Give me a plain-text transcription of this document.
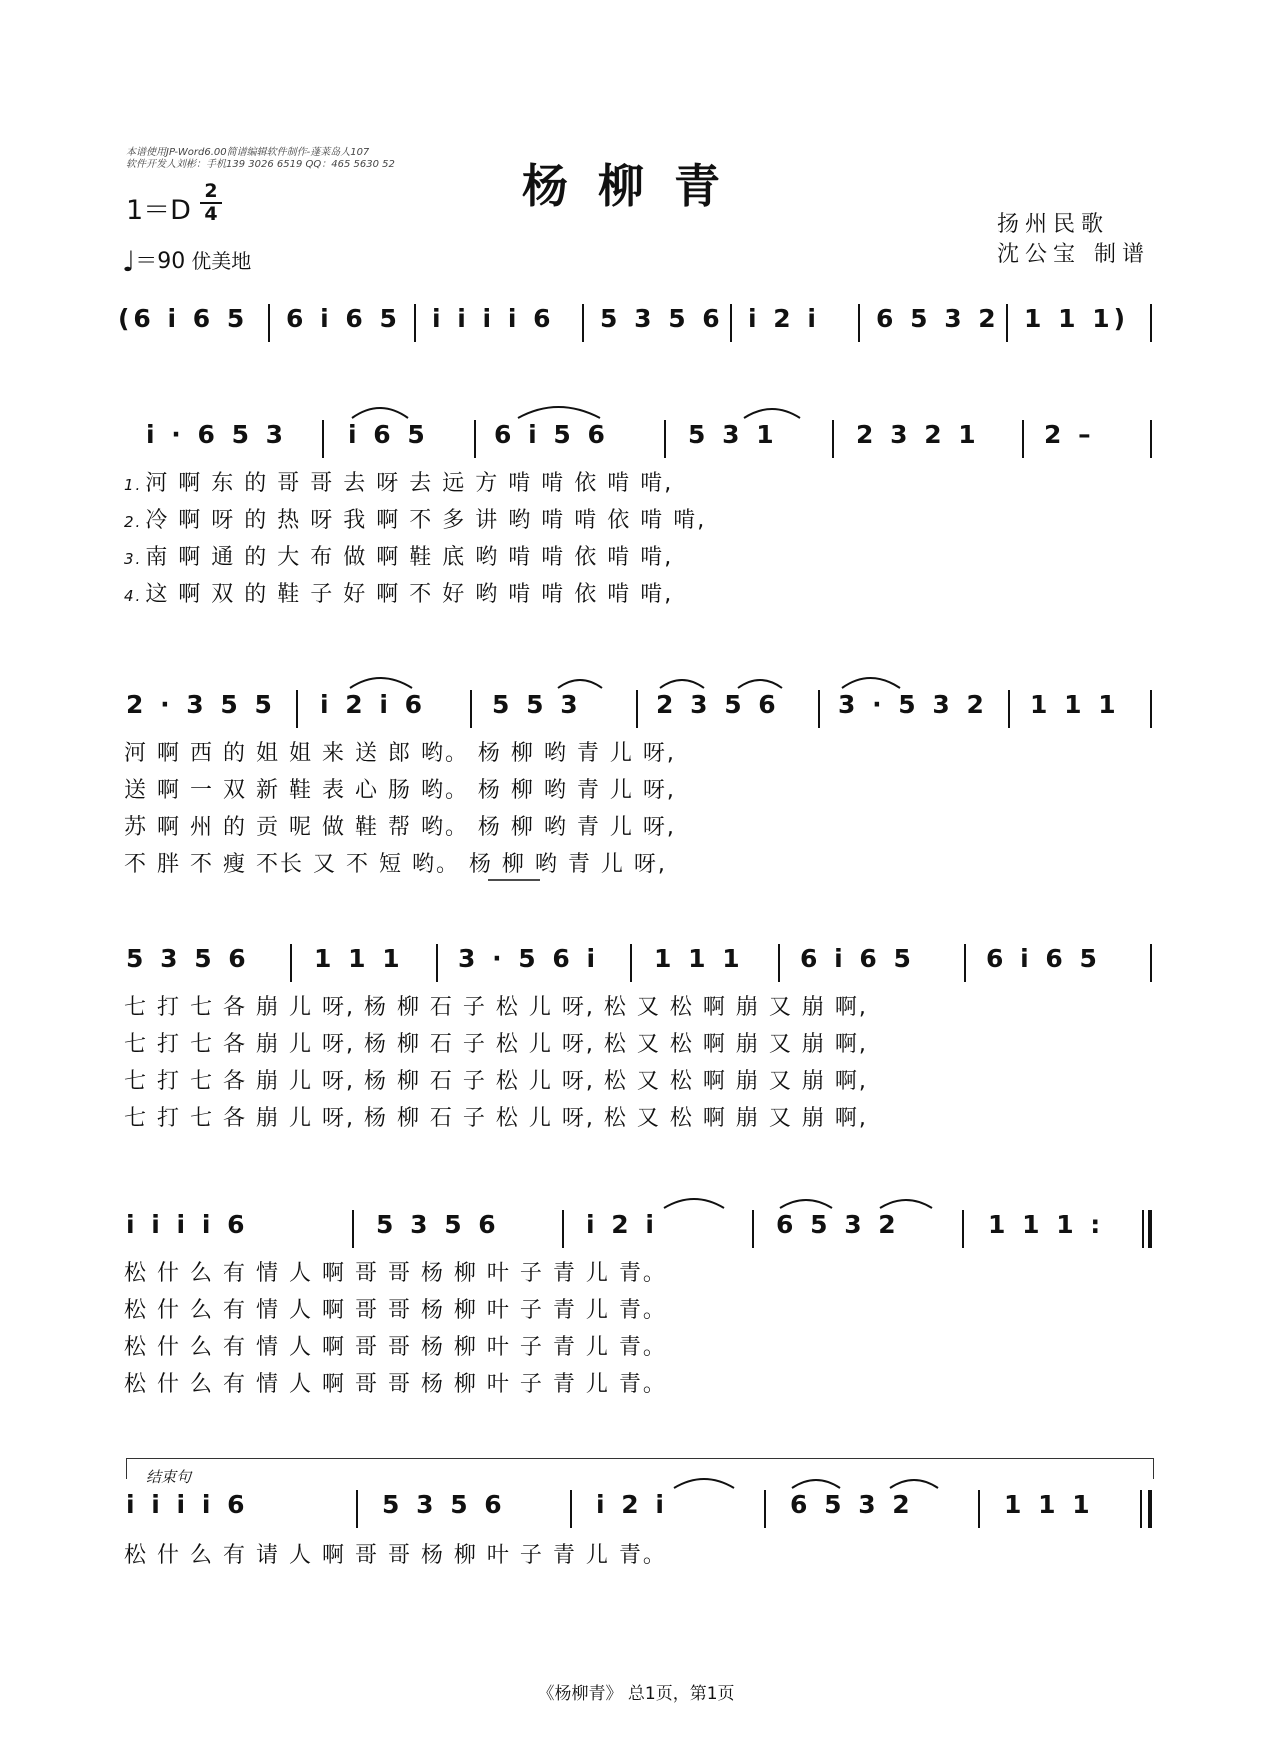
本谱使用JP-Word6.00简谱编辑软件制作-蓬莱岛人107
软件开发人刘彬：手机139 3026 6519 QQ：465 5630 52	杨柳青
1＝D
2
4
♩＝90 优美地
扬州民歌
沈公宝 制谱
(6 i 6 5 6 i 6 5 i i i i 6 5 3 5 6 i 2 i 6 5 3 2 1 1 1)
i · 6 5 3 i 6 5	6 i 5 6	5 3 1	2 3 2 1	2 –
1. 河 啊 东 的 哥 哥 去 呀 去 远 方 啃 啃 依 啃 啃,
2. 冷 啊 呀 的 热 呀 我 啊 不 多 讲 哟 啃 啃 依 啃 啃,
3. 南 啊 通 的 大 布 做 啊 鞋 底 哟 啃 啃 依 啃 啃,
4. 这 啊 双 的 鞋 子 好 啊 不 好 哟 啃 啃 依 啃 啃,
2 · 3 5 5 i 2 i 6	5 5 3	2 3 5 6 3 · 5 3 2 1 1 1
河 啊 西 的 姐 姐 来 送 郎 哟。 杨 柳 哟 青 儿 呀,
送 啊 一 双 新 鞋 表 心 肠 哟。 杨 柳 哟 青 儿 呀,
苏 啊 州 的 贡 呢 做 鞋 帮 哟。 杨 柳 哟 青 儿 呀,
不 胖 不 瘦 不长 又 不 短 哟。 杨 柳 哟 青 儿 呀,
5 3 5 6	1 1 1 3 · 5 6 i 1 1 1 6 i 6 5	6 i 6 5
七 打 七 各 崩 儿 呀, 杨 柳 石 子 松 儿 呀, 松 又 松 啊 崩 又 崩 啊,
七 打 七 各 崩 儿 呀, 杨 柳 石 子 松 儿 呀, 松 又 松 啊 崩 又 崩 啊,
七 打 七 各 崩 儿 呀, 杨 柳 石 子 松 儿 呀, 松 又 松 啊 崩 又 崩 啊,
七 打 七 各 崩 儿 呀, 杨 柳 石 子 松 儿 呀, 松 又 松 啊 崩 又 崩 啊,
i i i i 6	5 3 5 6	i 2 i	6 5 3 2	1 1 1 :
松 什 么 有 情 人 啊 哥 哥 杨 柳 叶 子 青 儿 青。
松 什 么 有 情 人 啊 哥 哥 杨 柳 叶 子 青 儿 青。
松 什 么 有 情 人 啊 哥 哥 杨 柳 叶 子 青 儿 青。
松 什 么 有 情 人 啊 哥 哥 杨 柳 叶 子 青 儿 青。
结束句
i i i i 6	5 3 5 6	i 2 i	6 5 3 2	1 1 1
松 什 么 有 请 人 啊 哥 哥 杨 柳 叶 子 青 儿 青。
《杨柳青》 总1页，第1页
